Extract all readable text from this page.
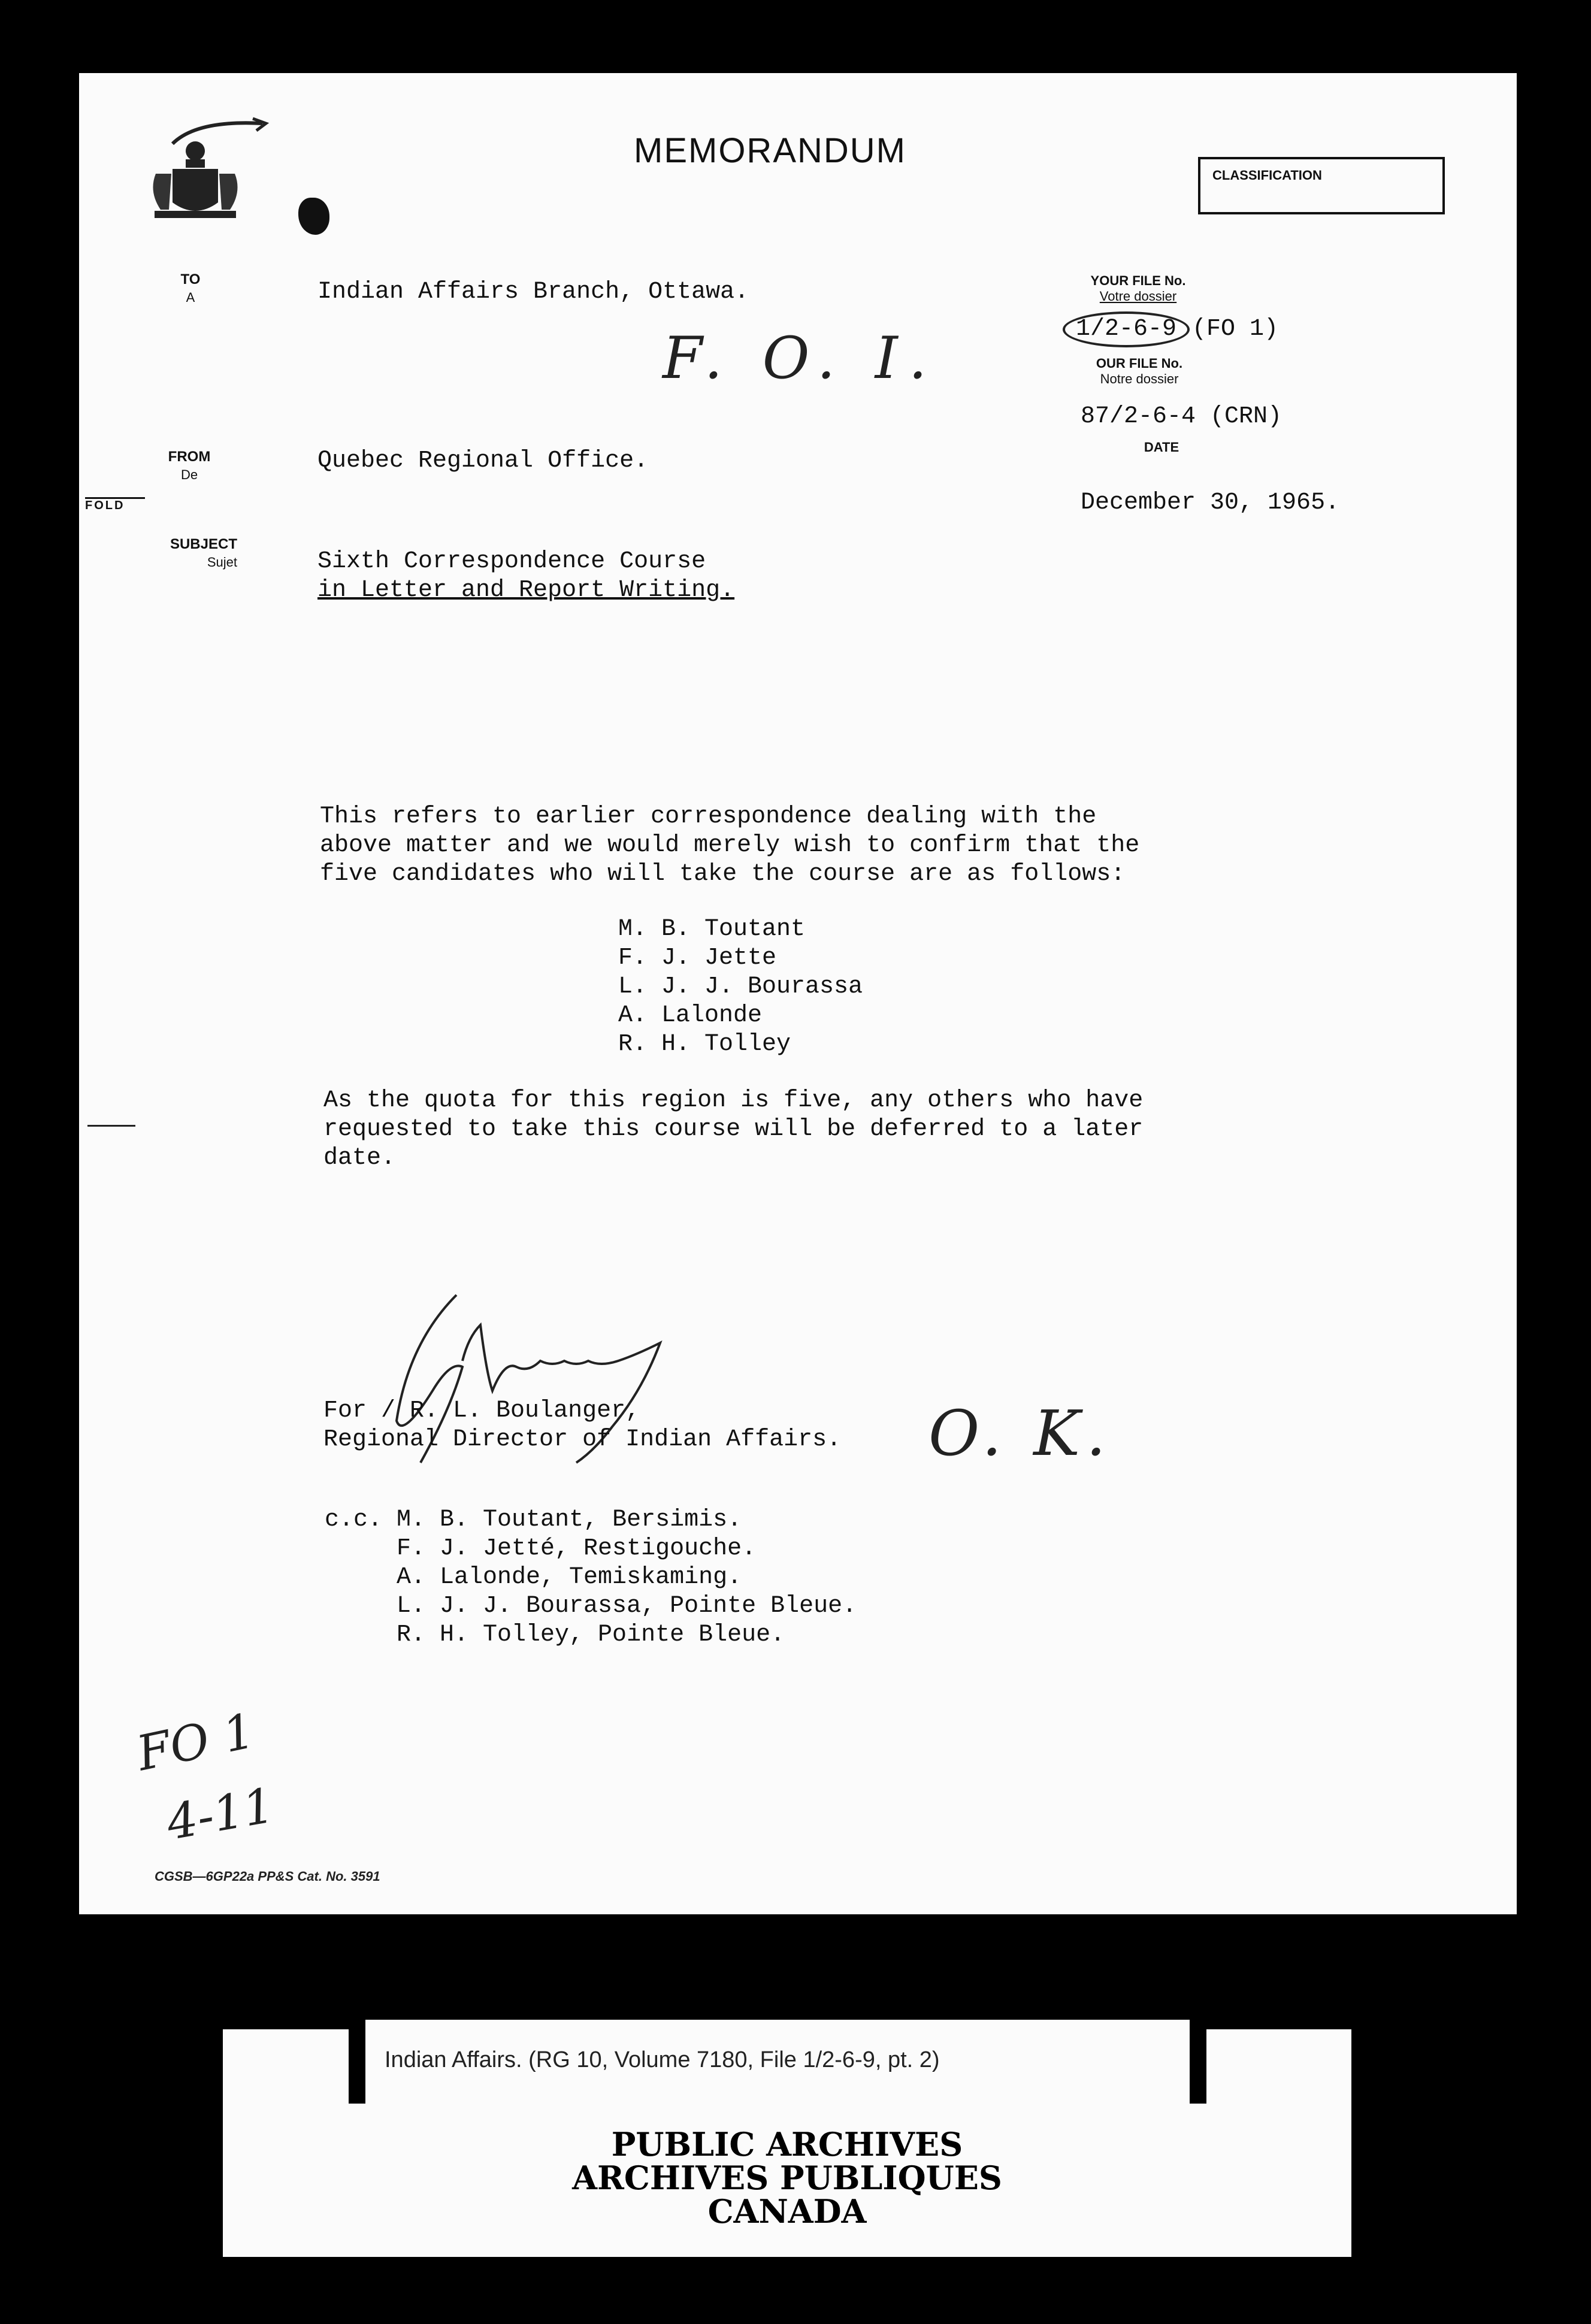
MEMORANDUM
CLASSIFICATION
TO
A	Indian Affairs Branch, Ottawa.
F. O. I.
YOUR FILE No.
Votre dossier
1/2-6-9 (FO 1)
OUR FILE No.
Notre dossier
87/2-6-4 (CRN)
DATE
December 30, 1965.
FROM
De
Quebec Regional Office.
FOLD
SUBJECT
Sujet	Sixth Correspondence Course
in Letter and Report Writing.
This refers to earlier correspondence dealing with the
above matter and we would merely wish to confirm that the
five candidates who will take the course are as follows:
M. B. Toutant
F. J. Jette
L. J. J. Bourassa
A. Lalonde
R. H. Tolley
As the quota for this region is five, any others who have
requested to take this course will be deferred to a later
date.
For / R. L. Boulanger,
Regional Director of Indian Affairs. O. K.
c.c. M. B. Toutant, Bersimis.
F. J. Jetté, Restigouche.
A. Lalonde, Temiskaming.
L. J. J. Bourassa, Pointe Bleue.
R. H. Tolley, Pointe Bleue.
FO 1
4-11
CGSB—6GP22a PP&S Cat. No. 3591
Indian Affairs. (RG 10, Volume 7180, File 1/2-6-9, pt. 2)
PUBLIC ARCHIVES
ARCHIVES PUBLIQUES
CANADA
